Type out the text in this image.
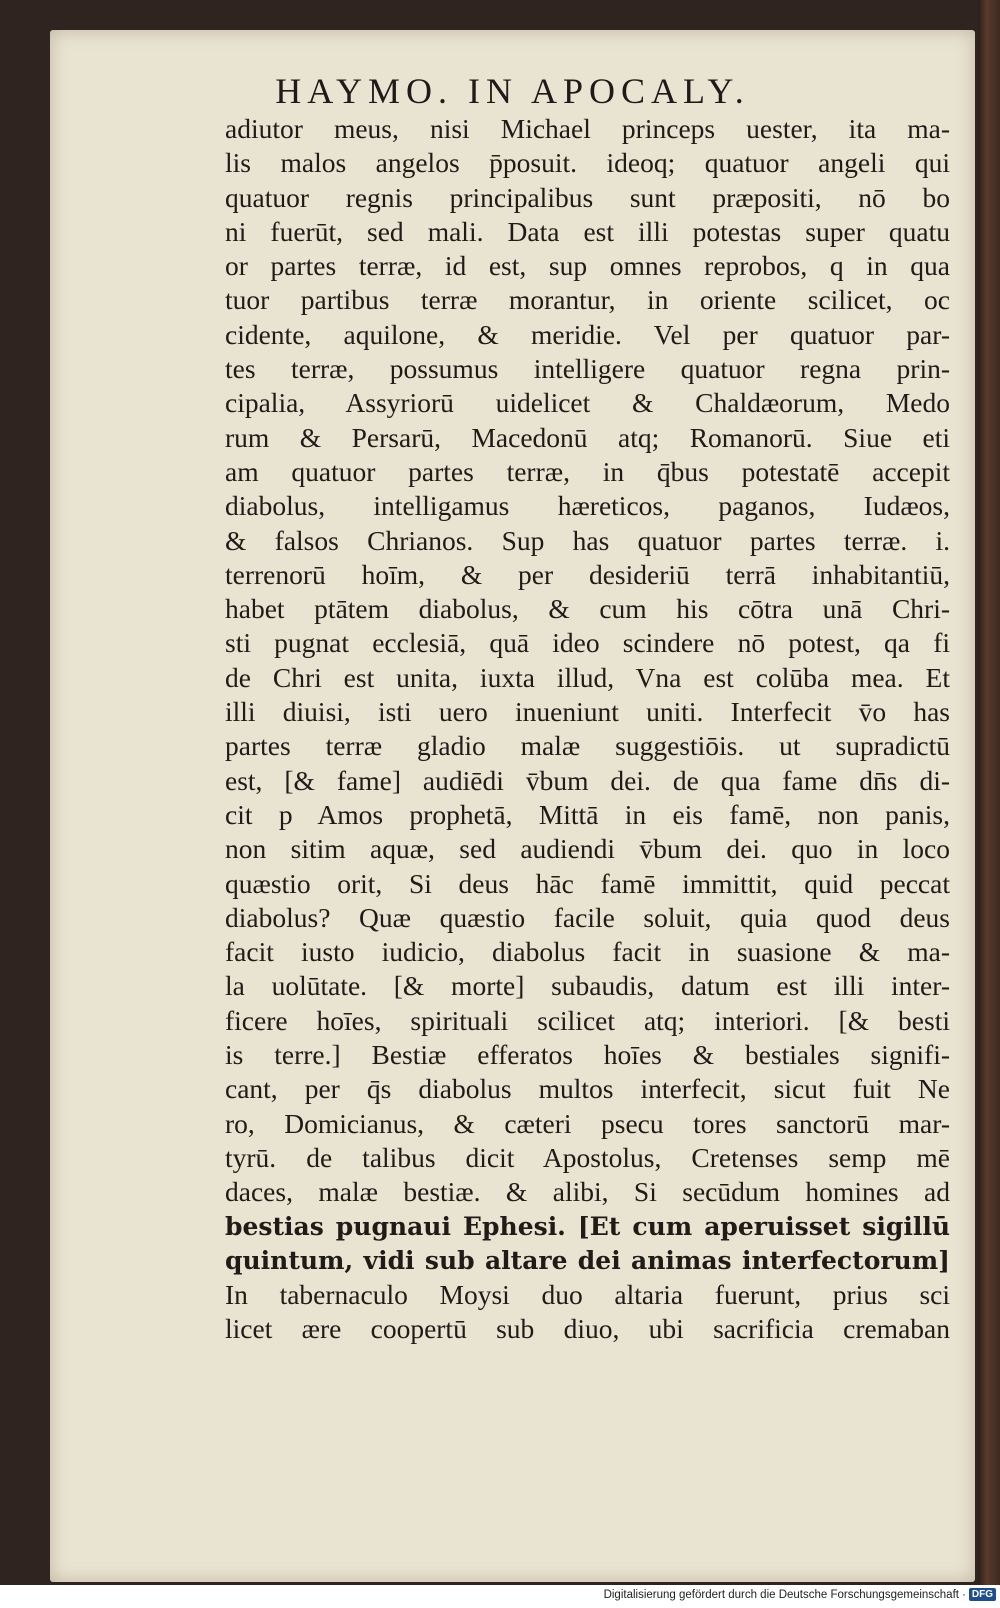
HAYMO. IN APOCALY.
adiutor meus, nisi Michael princeps uester, ita ma-
lis malos angelos p̄posuit. ideoq; quatuor angeli qui
quatuor regnis principalibus sunt præpositi, nō bo
ni fuerūt, sed mali. Data est illi potestas super quatu
or partes terræ, id est, sup omnes reprobos, q in qua
tuor partibus terræ morantur, in oriente scilicet, oc
cidente, aquilone, & meridie. Vel per quatuor par-
tes terræ, possumus intelligere quatuor regna prin-
cipalia, Assyriorū uidelicet & Chaldæorum, Medo
rum & Persarū, Macedonū atq; Romanorū. Siue eti
am quatuor partes terræ, in q̄bus potestatē accepit
diabolus, intelligamus hæreticos, paganos, Iudæos,
& falsos Chrianos. Sup has quatuor partes terræ. i.
terrenorū hoīm, & per desideriū terrā inhabitantiū,
habet ptātem diabolus, & cum his cōtra unā Chri-
sti pugnat ecclesiā, quā ideo scindere nō potest, qa fi
de Chri est unita, iuxta illud, Vna est colūba mea. Et
illi diuisi, isti uero inueniunt uniti. Interfecit v̄o has
partes terræ gladio malæ suggestiōis. ut supradictū
est, [& fame] audiēdi v̄bum dei. de qua fame dn̄s di-
cit p Amos prophetā, Mittā in eis famē, non panis,
non sitim aquæ, sed audiendi v̄bum dei. quo in loco
quæstio orit, Si deus hāc famē immittit, quid peccat
diabolus? Quæ quæstio facile soluit, quia quod deus
facit iusto iudicio, diabolus facit in suasione & ma-
la uolūtate. [& morte] subaudis, datum est illi inter-
ficere hoīes, spirituali scilicet atq; interiori. [& besti
is terre.] Bestiæ efferatos hoīes & bestiales signifi-
cant, per q̄s diabolus multos interfecit, sicut fuit Ne
ro, Domicianus, & cæteri psecu tores sanctorū mar-
tyrū. de talibus dicit Apostolus, Cretenses semp mē
daces, malæ bestiæ. & alibi, Si secūdum homines ad
bestias pugnaui Ephesi. [Et cum aperuisset sigillū
quintum, vidi sub altare dei animas interfectorum]
In tabernaculo Moysi duo altaria fuerunt, prius sci
licet ære coopertū sub diuo, ubi sacrificia cremaban
Digitalisierung gefördert durch die Deutsche Forschungsgemeinschaft · DFG
